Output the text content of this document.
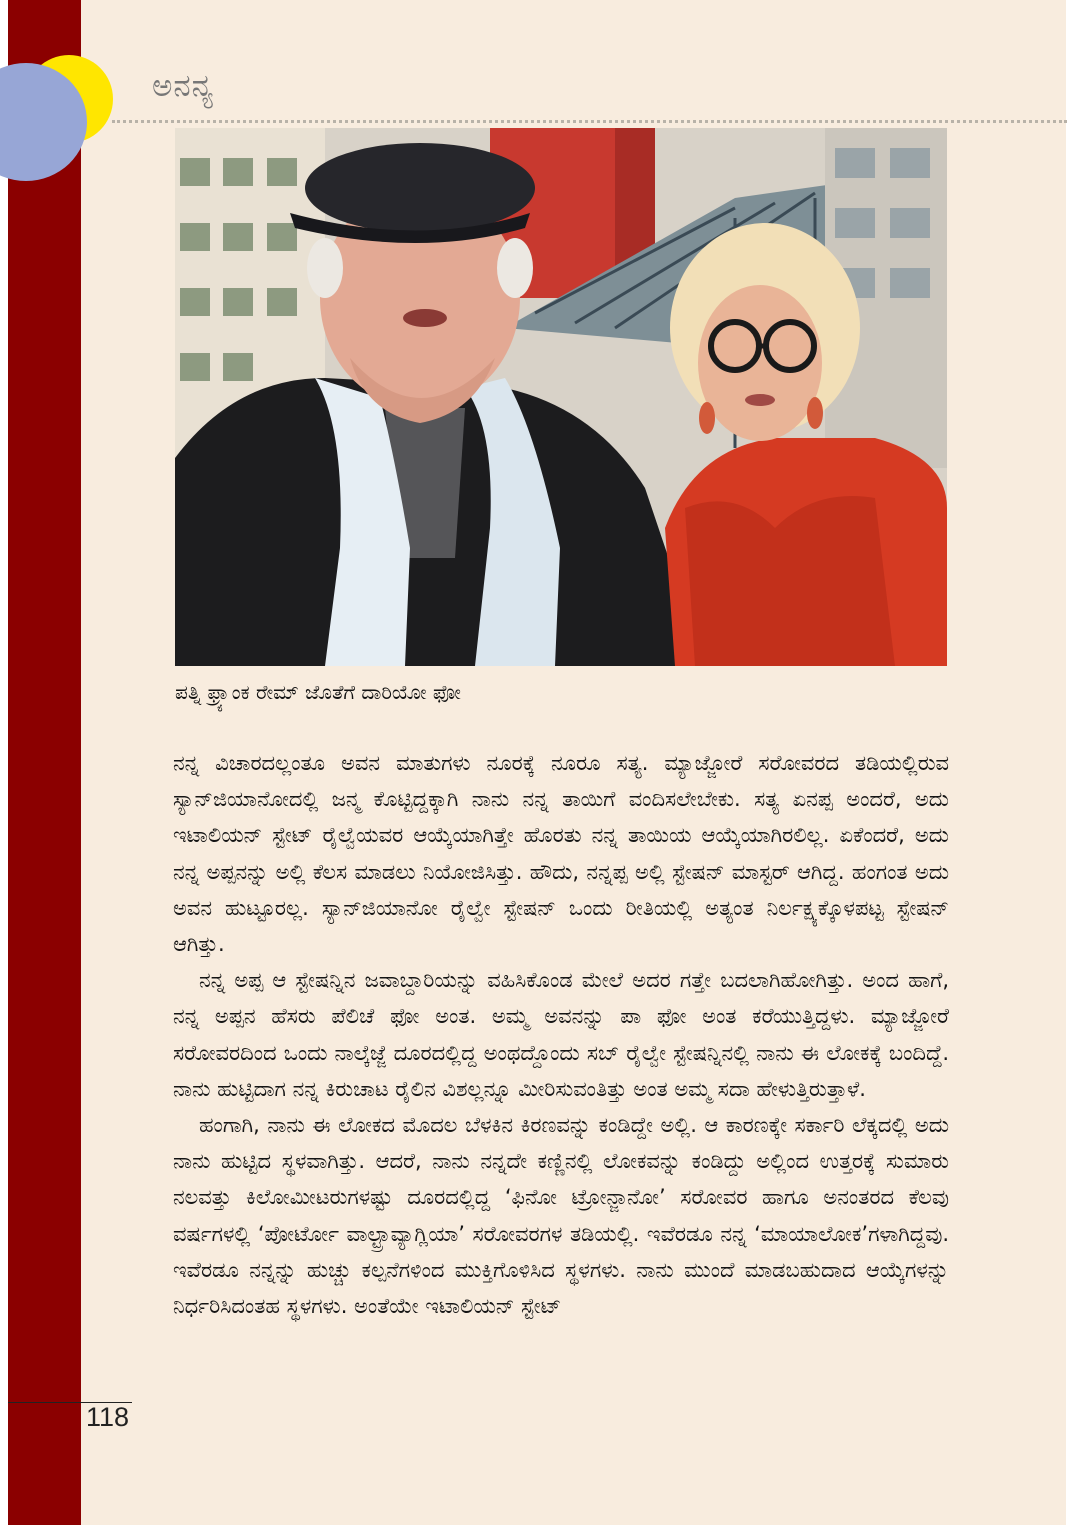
ಅನನ್ಯ
ಪತ್ನಿ ಫ್ರ್ಯಾಂಕ ರೇಮ್ ಜೊತೆಗೆ ದಾರಿಯೋ ಫೋ

ನನ್ನ ವಿಚಾರದಲ್ಲಂತೂ ಅವನ ಮಾತುಗಳು ನೂರಕ್ಕೆ ನೂರೂ ಸತ್ಯ. ಮ್ಯಾಜ್ಜೋರೆ ಸರೋವರದ ತಡಿಯಲ್ಲಿರುವ ಸ್ಯಾನ್‌ಜಿಯಾನೋದಲ್ಲಿ ಜನ್ಮ ಕೊಟ್ಟಿದ್ದಕ್ಕಾಗಿ ನಾನು ನನ್ನ ತಾಯಿಗೆ ವಂದಿಸಲೇಬೇಕು. ಸತ್ಯ ಏನಪ್ಪ ಅಂದರೆ, ಅದು ಇಟಾಲಿಯನ್ ಸ್ಟೇಟ್ ರೈಲ್ವೆಯವರ ಆಯ್ಕೆಯಾಗಿತ್ತೇ ಹೊರತು ನನ್ನ ತಾಯಿಯ ಆಯ್ಕೆಯಾಗಿರಲಿಲ್ಲ. ಏಕೆಂದರೆ, ಅದು ನನ್ನ ಅಪ್ಪನನ್ನು ಅಲ್ಲಿ ಕೆಲಸ ಮಾಡಲು ನಿಯೋಜಿಸಿತ್ತು. ಹೌದು, ನನ್ನಪ್ಪ ಅಲ್ಲಿ ಸ್ಟೇಷನ್ ಮಾಸ್ಟರ್ ಆಗಿದ್ದ. ಹಂಗಂತ ಅದು ಅವನ ಹುಟ್ಟೂರಲ್ಲ. ಸ್ಯಾನ್‌ಜಿಯಾನೋ ರೈಲ್ವೇ ಸ್ಟೇಷನ್ ಒಂದು ರೀತಿಯಲ್ಲಿ ಅತ್ಯಂತ ನಿರ್ಲಕ್ಷ್ಯಕ್ಕೊಳಪಟ್ಟ ಸ್ಟೇಷನ್ ಆಗಿತ್ತು.

ನನ್ನ ಅಪ್ಪ ಆ ಸ್ಟೇಷನ್ನಿನ ಜವಾಬ್ದಾರಿಯನ್ನು ವಹಿಸಿಕೊಂಡ ಮೇಲೆ ಅದರ ಗತ್ತೇ ಬದಲಾಗಿಹೋಗಿತ್ತು. ಅಂದ ಹಾಗೆ, ನನ್ನ ಅಪ್ಪನ ಹೆಸರು ಪೆಲಿಚೆ ಫೋ ಅಂತ. ಅಮ್ಮ ಅವನನ್ನು ಪಾ ಫೋ ಅಂತ ಕರೆಯುತ್ತಿದ್ದಳು. ಮ್ಯಾಜ್ಜೋರೆ ಸರೋವರದಿಂದ ಒಂದು ನಾಲ್ಕೆಜ್ಜೆ ದೂರದಲ್ಲಿದ್ದ ಅಂಥದ್ದೊಂದು ಸಬ್ ರೈಲ್ವೇ ಸ್ಟೇಷನ್ನಿನಲ್ಲಿ ನಾನು ಈ ಲೋಕಕ್ಕೆ ಬಂದಿದ್ದೆ. ನಾನು ಹುಟ್ಟಿದಾಗ ನನ್ನ ಕಿರುಚಾಟ ರೈಲಿನ ವಿಶಲ್ಲನ್ನೂ ಮೀರಿಸುವಂತಿತ್ತು ಅಂತ ಅಮ್ಮ ಸದಾ ಹೇಳುತ್ತಿರುತ್ತಾಳೆ.

ಹಂಗಾಗಿ, ನಾನು ಈ ಲೋಕದ ಮೊದಲ ಬೆಳಕಿನ ಕಿರಣವನ್ನು ಕಂಡಿದ್ದೇ ಅಲ್ಲಿ. ಆ ಕಾರಣಕ್ಕೇ ಸರ್ಕಾರಿ ಲೆಕ್ಕದಲ್ಲಿ ಅದು ನಾನು ಹುಟ್ಟಿದ ಸ್ಥಳವಾಗಿತ್ತು. ಆದರೆ, ನಾನು ನನ್ನದೇ ಕಣ್ಣಿನಲ್ಲಿ ಲೋಕವನ್ನು ಕಂಡಿದ್ದು ಅಲ್ಲಿಂದ ಉತ್ತರಕ್ಕೆ ಸುಮಾರು ನಲವತ್ತು ಕಿಲೋಮೀಟರುಗಳಷ್ಟು ದೂರದಲ್ಲಿದ್ದ ‘ಫಿನೋ ಟ್ರೋನ್ಜಾನೋ’ ಸರೋವರ ಹಾಗೂ ಅನಂತರದ ಕೆಲವು ವರ್ಷಗಳಲ್ಲಿ ‘ಪೋರ್ಟೋ ವಾಲ್ಟ್ರಾವ್ಯಾಗ್ಲಿಯಾ’ ಸರೋವರಗಳ ತಡಿಯಲ್ಲಿ. ಇವೆರಡೂ ನನ್ನ ‘ಮಾಯಾಲೋಕ’ಗಳಾಗಿದ್ದವು. ಇವೆರಡೂ ನನ್ನನ್ನು ಹುಚ್ಚು ಕಲ್ಪನೆಗಳಿಂದ ಮುಕ್ತಿಗೊಳಿಸಿದ ಸ್ಥಳಗಳು. ನಾನು ಮುಂದೆ ಮಾಡಬಹುದಾದ ಆಯ್ಕೆಗಳನ್ನು ನಿರ್ಧರಿಸಿದಂತಹ ಸ್ಥಳಗಳು. ಅಂತೆಯೇ ಇಟಾಲಿಯನ್ ಸ್ಟೇಟ್

118
